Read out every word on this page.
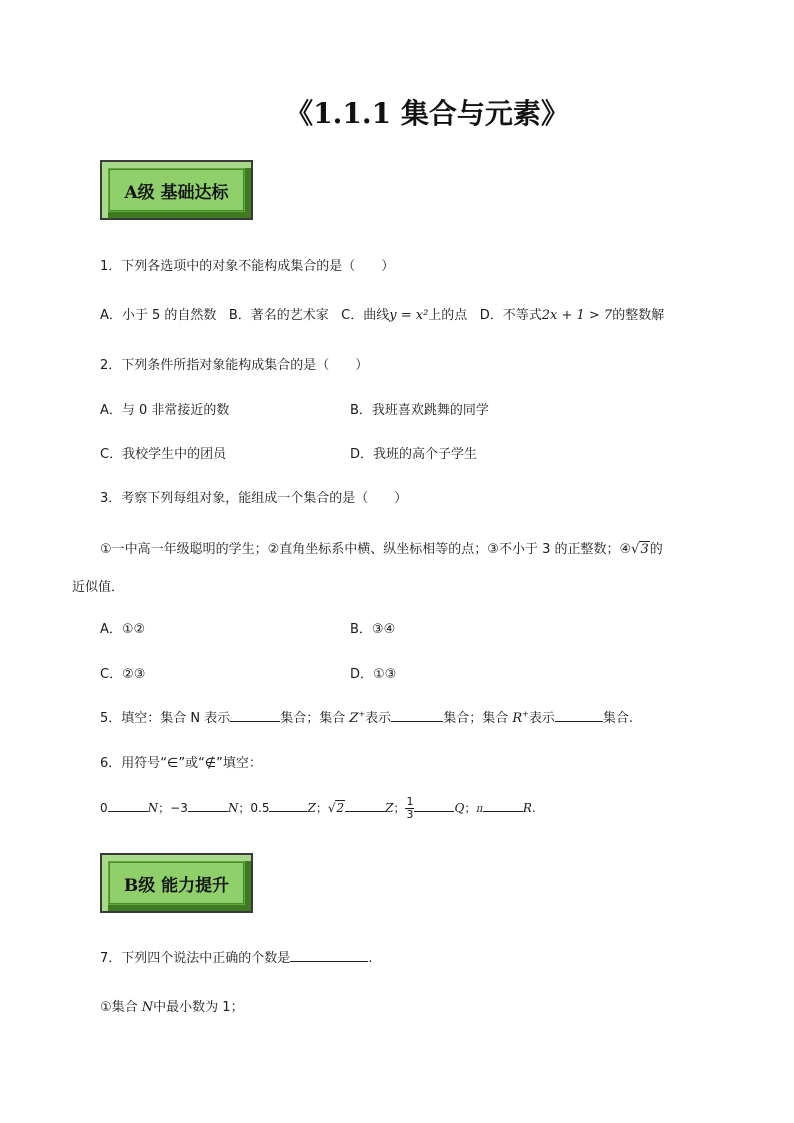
《1.1.1 集合与元素》
A级 基础达标
1．下列各选项中的对象不能构成集合的是（　　）
A．小于 5 的自然数 B．著名的艺术家 C．曲线y = x²上的点 D．不等式2x + 1 > 7的整数解
2．下列条件所指对象能构成集合的是（　　）
A．与 0 非常接近的数	B．我班喜欢跳舞的同学
C．我校学生中的团员	D．我班的高个子学生
3．考察下列每组对象，能组成一个集合的是（　　）
①一中高一年级聪明的学生；②直角坐标系中横、纵坐标相等的点；③不小于 3 的正整数；④√3的
近似值．
A．①②	B．③④
C．②③	D．①③
5．填空：集合 N 表示	集合；集合 Z+表示	集合；集合 R+表示	集合.
6．用符号“∈”或“∉”填空：
0	N；−3	N；0.5	Z；√2	Z； $\frac{1}{3}$	Q；π	R.
B级 能力提升
7．下列四个说法中正确的个数是	.
①集合 N中最小数为 1；
